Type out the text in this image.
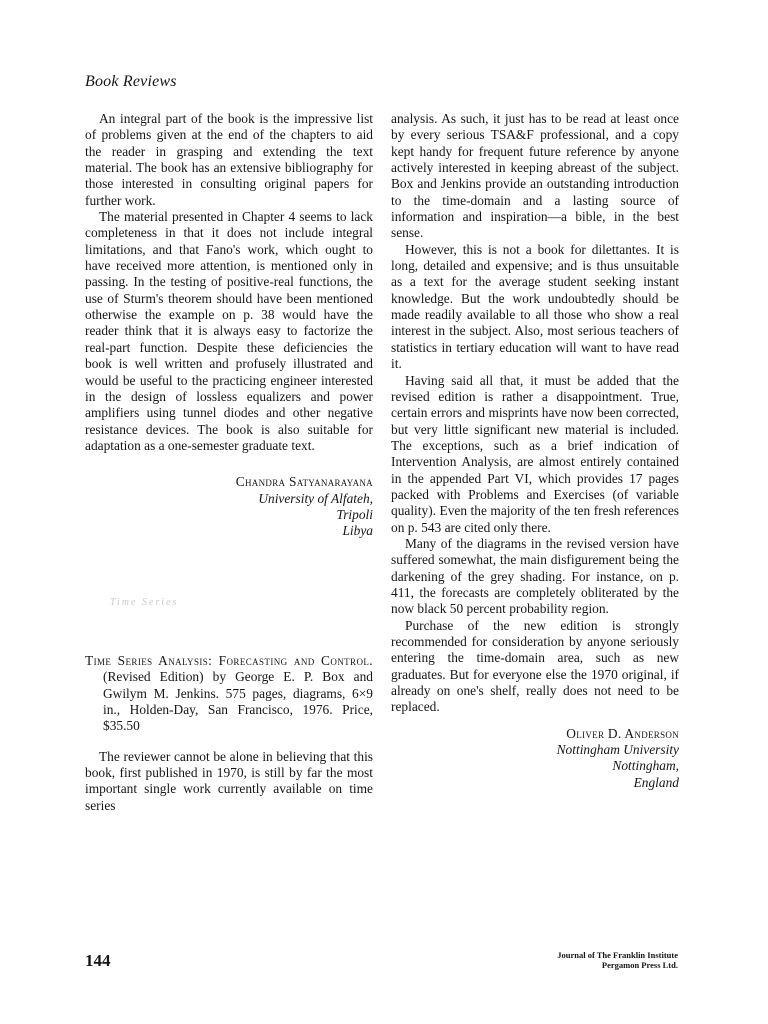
Book Reviews

An integral part of the book is the impressive list of problems given at the end of the chapters to aid the reader in grasping and extending the text material. The book has an extensive bibliography for those interested in consulting original papers for further work.

The material presented in Chapter 4 seems to lack completeness in that it does not include integral limitations, and that Fano's work, which ought to have received more attention, is mentioned only in passing. In the testing of positive-real functions, the use of Sturm's theorem should have been mentioned otherwise the example on p. 38 would have the reader think that it is always easy to factorize the real-part function. Despite these deficiencies the book is well written and profusely illustrated and would be useful to the practicing engineer interested in the design of lossless equalizers and power amplifiers using tunnel diodes and other negative resistance devices. The book is also suitable for adaptation as a one-semester graduate text.

Chandra Satyanarayana
University of Alfateh,
Tripoli
Libya
Time Series
Time Series Analysis: Forecasting and Control. (Revised Edition) by George E. P. Box and Gwilym M. Jenkins. 575 pages, diagrams, 6×9 in., Holden-Day, San Francisco, 1976. Price, $35.50

The reviewer cannot be alone in believing that this book, first published in 1970, is still by far the most important single work currently available on time series

analysis. As such, it just has to be read at least once by every serious TSA&F professional, and a copy kept handy for frequent future reference by anyone actively interested in keeping abreast of the subject. Box and Jenkins provide an outstanding introduction to the time-domain and a lasting source of information and inspiration—a bible, in the best sense.

However, this is not a book for dilettantes. It is long, detailed and expensive; and is thus unsuitable as a text for the average student seeking instant knowledge. But the work undoubtedly should be made readily available to all those who show a real interest in the subject. Also, most serious teachers of statistics in tertiary education will want to have read it.

Having said all that, it must be added that the revised edition is rather a disappointment. True, certain errors and misprints have now been corrected, but very little significant new material is included. The exceptions, such as a brief indication of Intervention Analysis, are almost entirely contained in the appended Part VI, which provides 17 pages packed with Problems and Exercises (of variable quality). Even the majority of the ten fresh references on p. 543 are cited only there.

Many of the diagrams in the revised version have suffered somewhat, the main disfigurement being the darkening of the grey shading. For instance, on p. 411, the forecasts are completely obliterated by the now black 50 percent probability region.

Purchase of the new edition is strongly recommended for consideration by anyone seriously entering the time-domain area, such as new graduates. But for everyone else the 1970 original, if already on one's shelf, really does not need to be replaced.

Oliver D. Anderson
Nottingham University
Nottingham,
England
144	Journal of The Franklin Institute
Pergamon Press Ltd.
